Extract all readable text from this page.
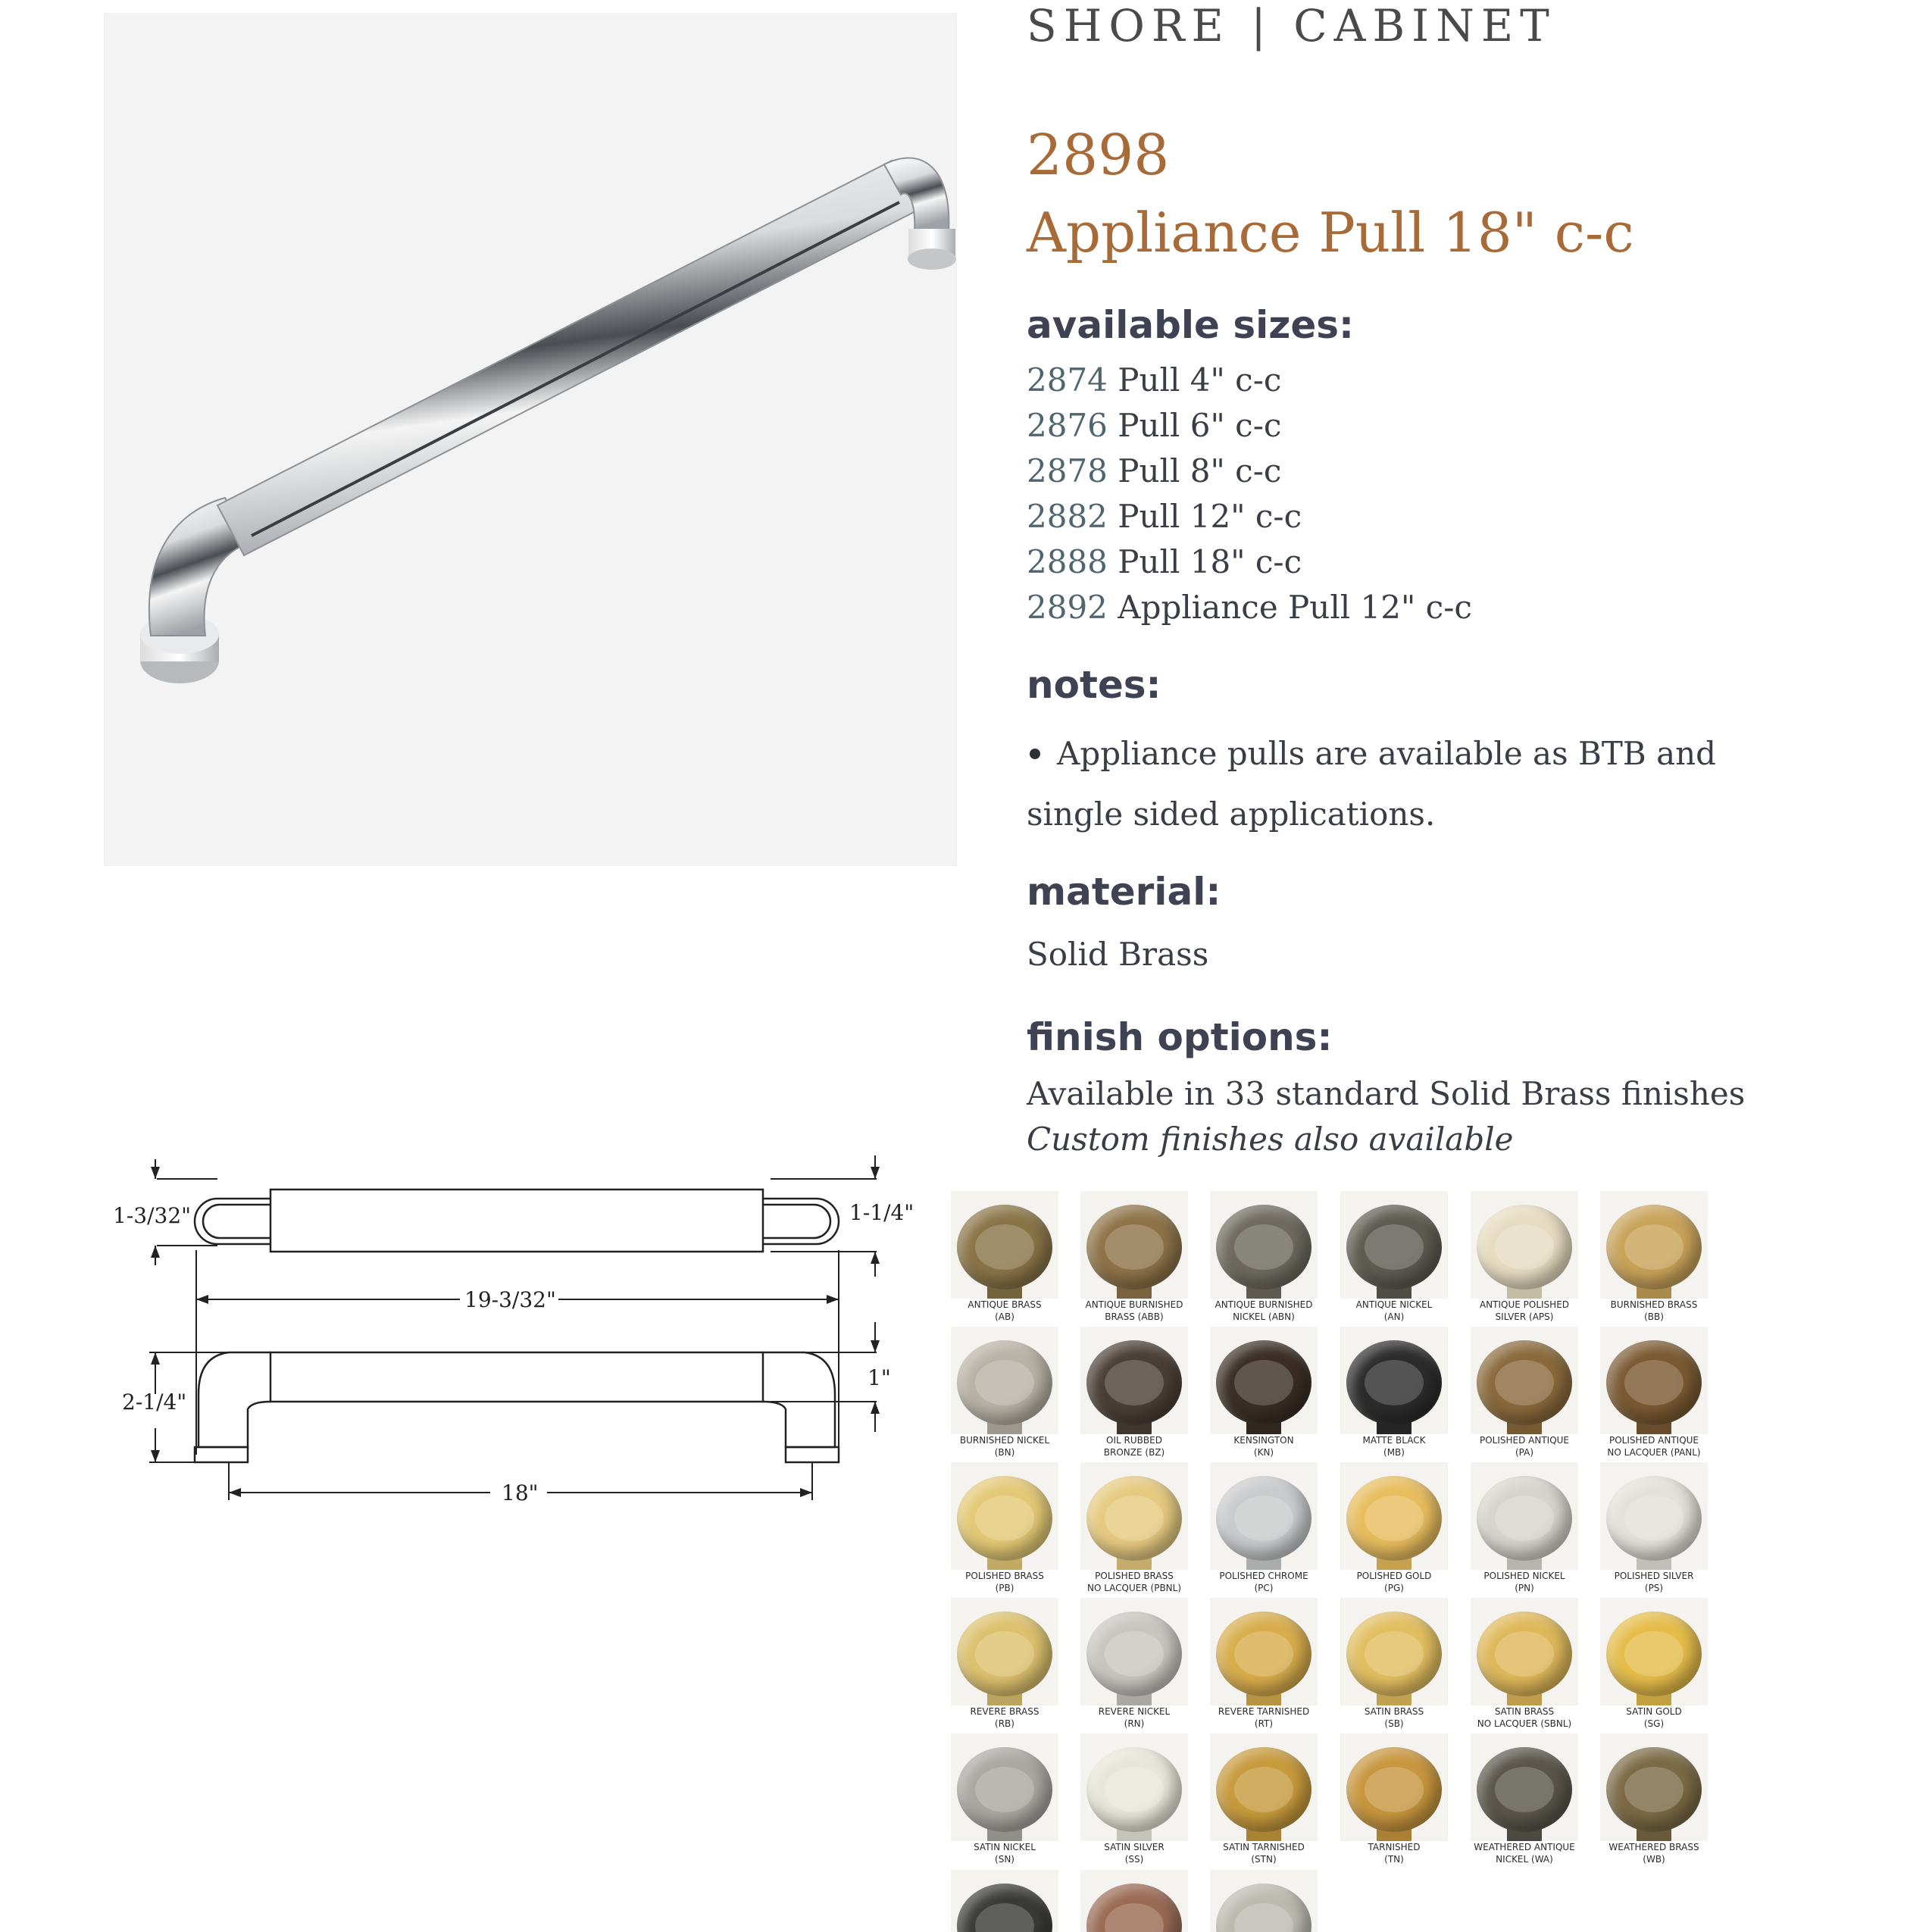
SHORE | CABINET
2898
Appliance Pull 18" c-c
available sizes:
2874 Pull 4" c-c
2876 Pull 6" c-c
2878 Pull 8" c-c
2882 Pull 12" c-c
2888 Pull 18" c-c
2892 Appliance Pull 12" c-c
notes:
Appliance pulls are available as BTB and single sided applications.
material:
Solid Brass
finish options:
Available in 33 standard Solid Brass finishes
Custom finishes also available
1-3/32"	1-1/4"
19-3/32"
2-1/4"
1"
18"
ANTIQUE BRASS
(AB)
ANTIQUE BURNISHED
BRASS (ABB)
ANTIQUE BURNISHED
NICKEL (ABN)
ANTIQUE NICKEL
(AN)
ANTIQUE POLISHED
SILVER (APS)
BURNISHED BRASS
(BB)
BURNISHED NICKEL
(BN)
OIL RUBBED
BRONZE (BZ)
KENSINGTON
(KN)
MATTE BLACK
(MB)
POLISHED ANTIQUE
(PA)
POLISHED ANTIQUE
NO LACQUER (PANL)
POLISHED BRASS
(PB)
POLISHED BRASS
NO LACQUER (PBNL)
POLISHED CHROME
(PC)
POLISHED GOLD
(PG)
POLISHED NICKEL
(PN)
POLISHED SILVER
(PS)
REVERE BRASS
(RB)
REVERE NICKEL
(RN)
REVERE TARNISHED
(RT)
SATIN BRASS
(SB)
SATIN BRASS
NO LACQUER (SBNL)
SATIN GOLD
(SG)
SATIN NICKEL
(SN)
SATIN SILVER
(SS)
SATIN TARNISHED
(STN)
TARNISHED
(TN)
WEATHERED ANTIQUE
NICKEL (WA)
WEATHERED BRASS
(WB)
